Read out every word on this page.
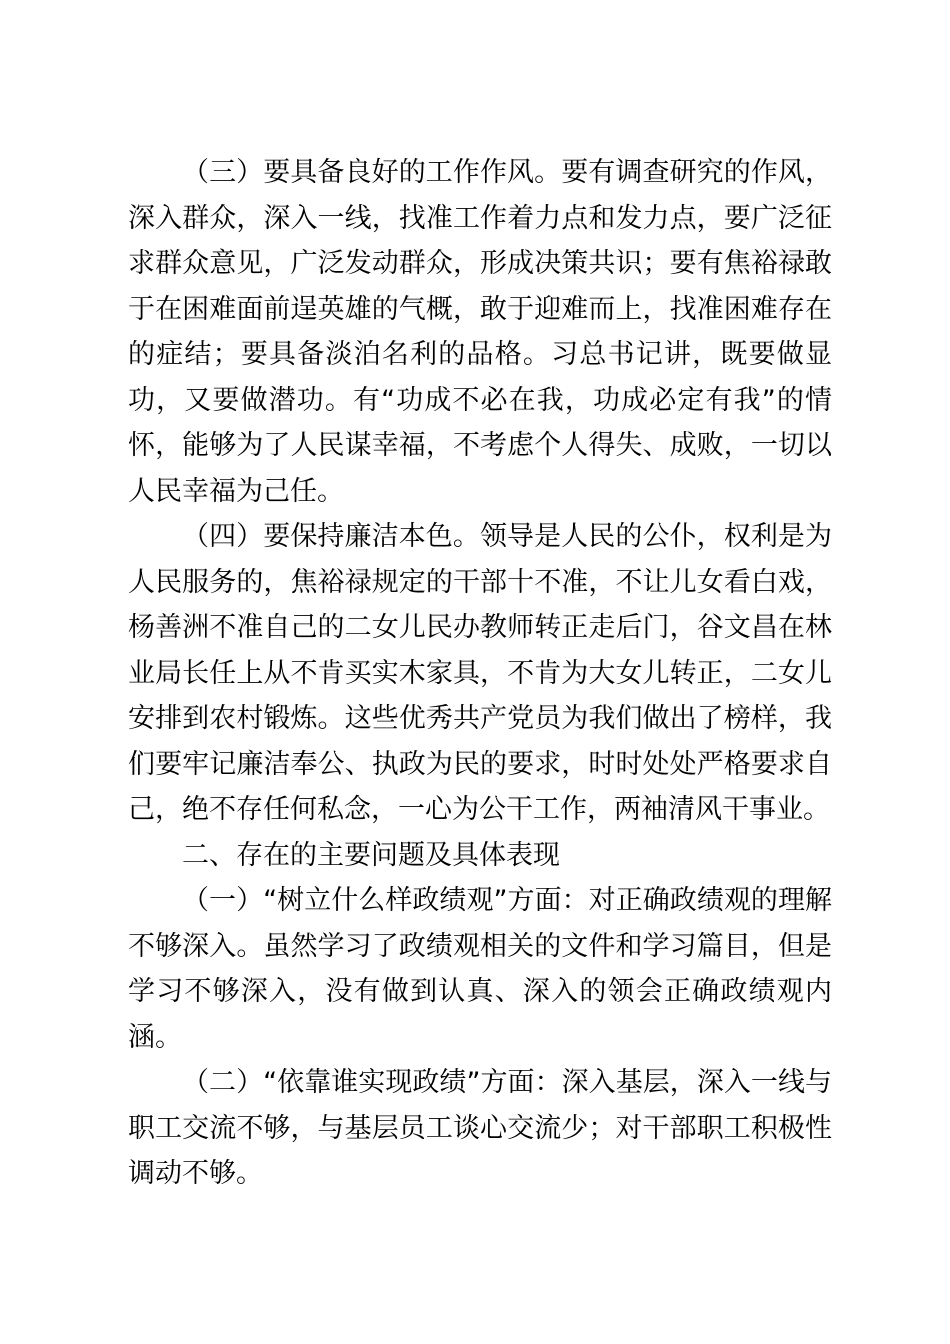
（三）要具备良好的工作作风。要有调查研究的作风，深入群众，深入一线，找准工作着力点和发力点，要广泛征求群众意见，广泛发动群众，形成决策共识；要有焦裕禄敢于在困难面前逞英雄的气概，敢于迎难而上，找准困难存在的症结；要具备淡泊名利的品格。习总书记讲，既要做显功，又要做潜功。有“功成不必在我，功成必定有我”的情怀，能够为了人民谋幸福，不考虑个人得失、成败，一切以人民幸福为己任。

（四）要保持廉洁本色。领导是人民的公仆，权利是为人民服务的，焦裕禄规定的干部十不准，不让儿女看白戏，杨善洲不准自己的二女儿民办教师转正走后门，谷文昌在林业局长任上从不肯买实木家具，不肯为大女儿转正，二女儿安排到农村锻炼。这些优秀共产党员为我们做出了榜样，我们要牢记廉洁奉公、执政为民的要求，时时处处严格要求自己，绝不存任何私念，一心为公干工作，两袖清风干事业。

二、存在的主要问题及具体表现

（一）“树立什么样政绩观”方面：对正确政绩观的理解不够深入。虽然学习了政绩观相关的文件和学习篇目，但是学习不够深入，没有做到认真、深入的领会正确政绩观内涵。

（二）“依靠谁实现政绩”方面：深入基层，深入一线与职工交流不够，与基层员工谈心交流少；对干部职工积极性调动不够。
